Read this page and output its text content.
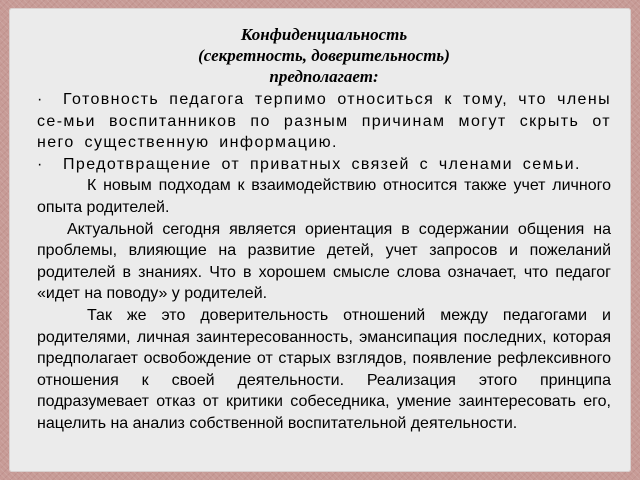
Конфиденциальность
(секретность, доверительность)
предполагает:

· Готовность педагога терпимо относиться к тому, что члены се-мьи воспитанников по разным причинам могут скрыть от него существенную информацию.

· Предотвращение от приватных связей с членами семьи.

К новым подходам к взаимодействию относится также учет личного опыта родителей.

Актуальной сегодня является ориентация в содержании общения на проблемы, влияющие на развитие детей, учет запросов и пожеланий родителей в знаниях. Что в хорошем смысле слова означает, что педагог «идет на поводу» у родителей.

Так же это доверительность отношений между педагогами и родителями, личная заинтересованность, эмансипация последних, которая предполагает освобождение от старых взглядов, появление рефлексивного отношения к своей деятельности. Реализация этого принципа подразумевает отказ от критики собеседника, умение заинтересовать его, нацелить на анализ собственной воспитательной деятельности.
